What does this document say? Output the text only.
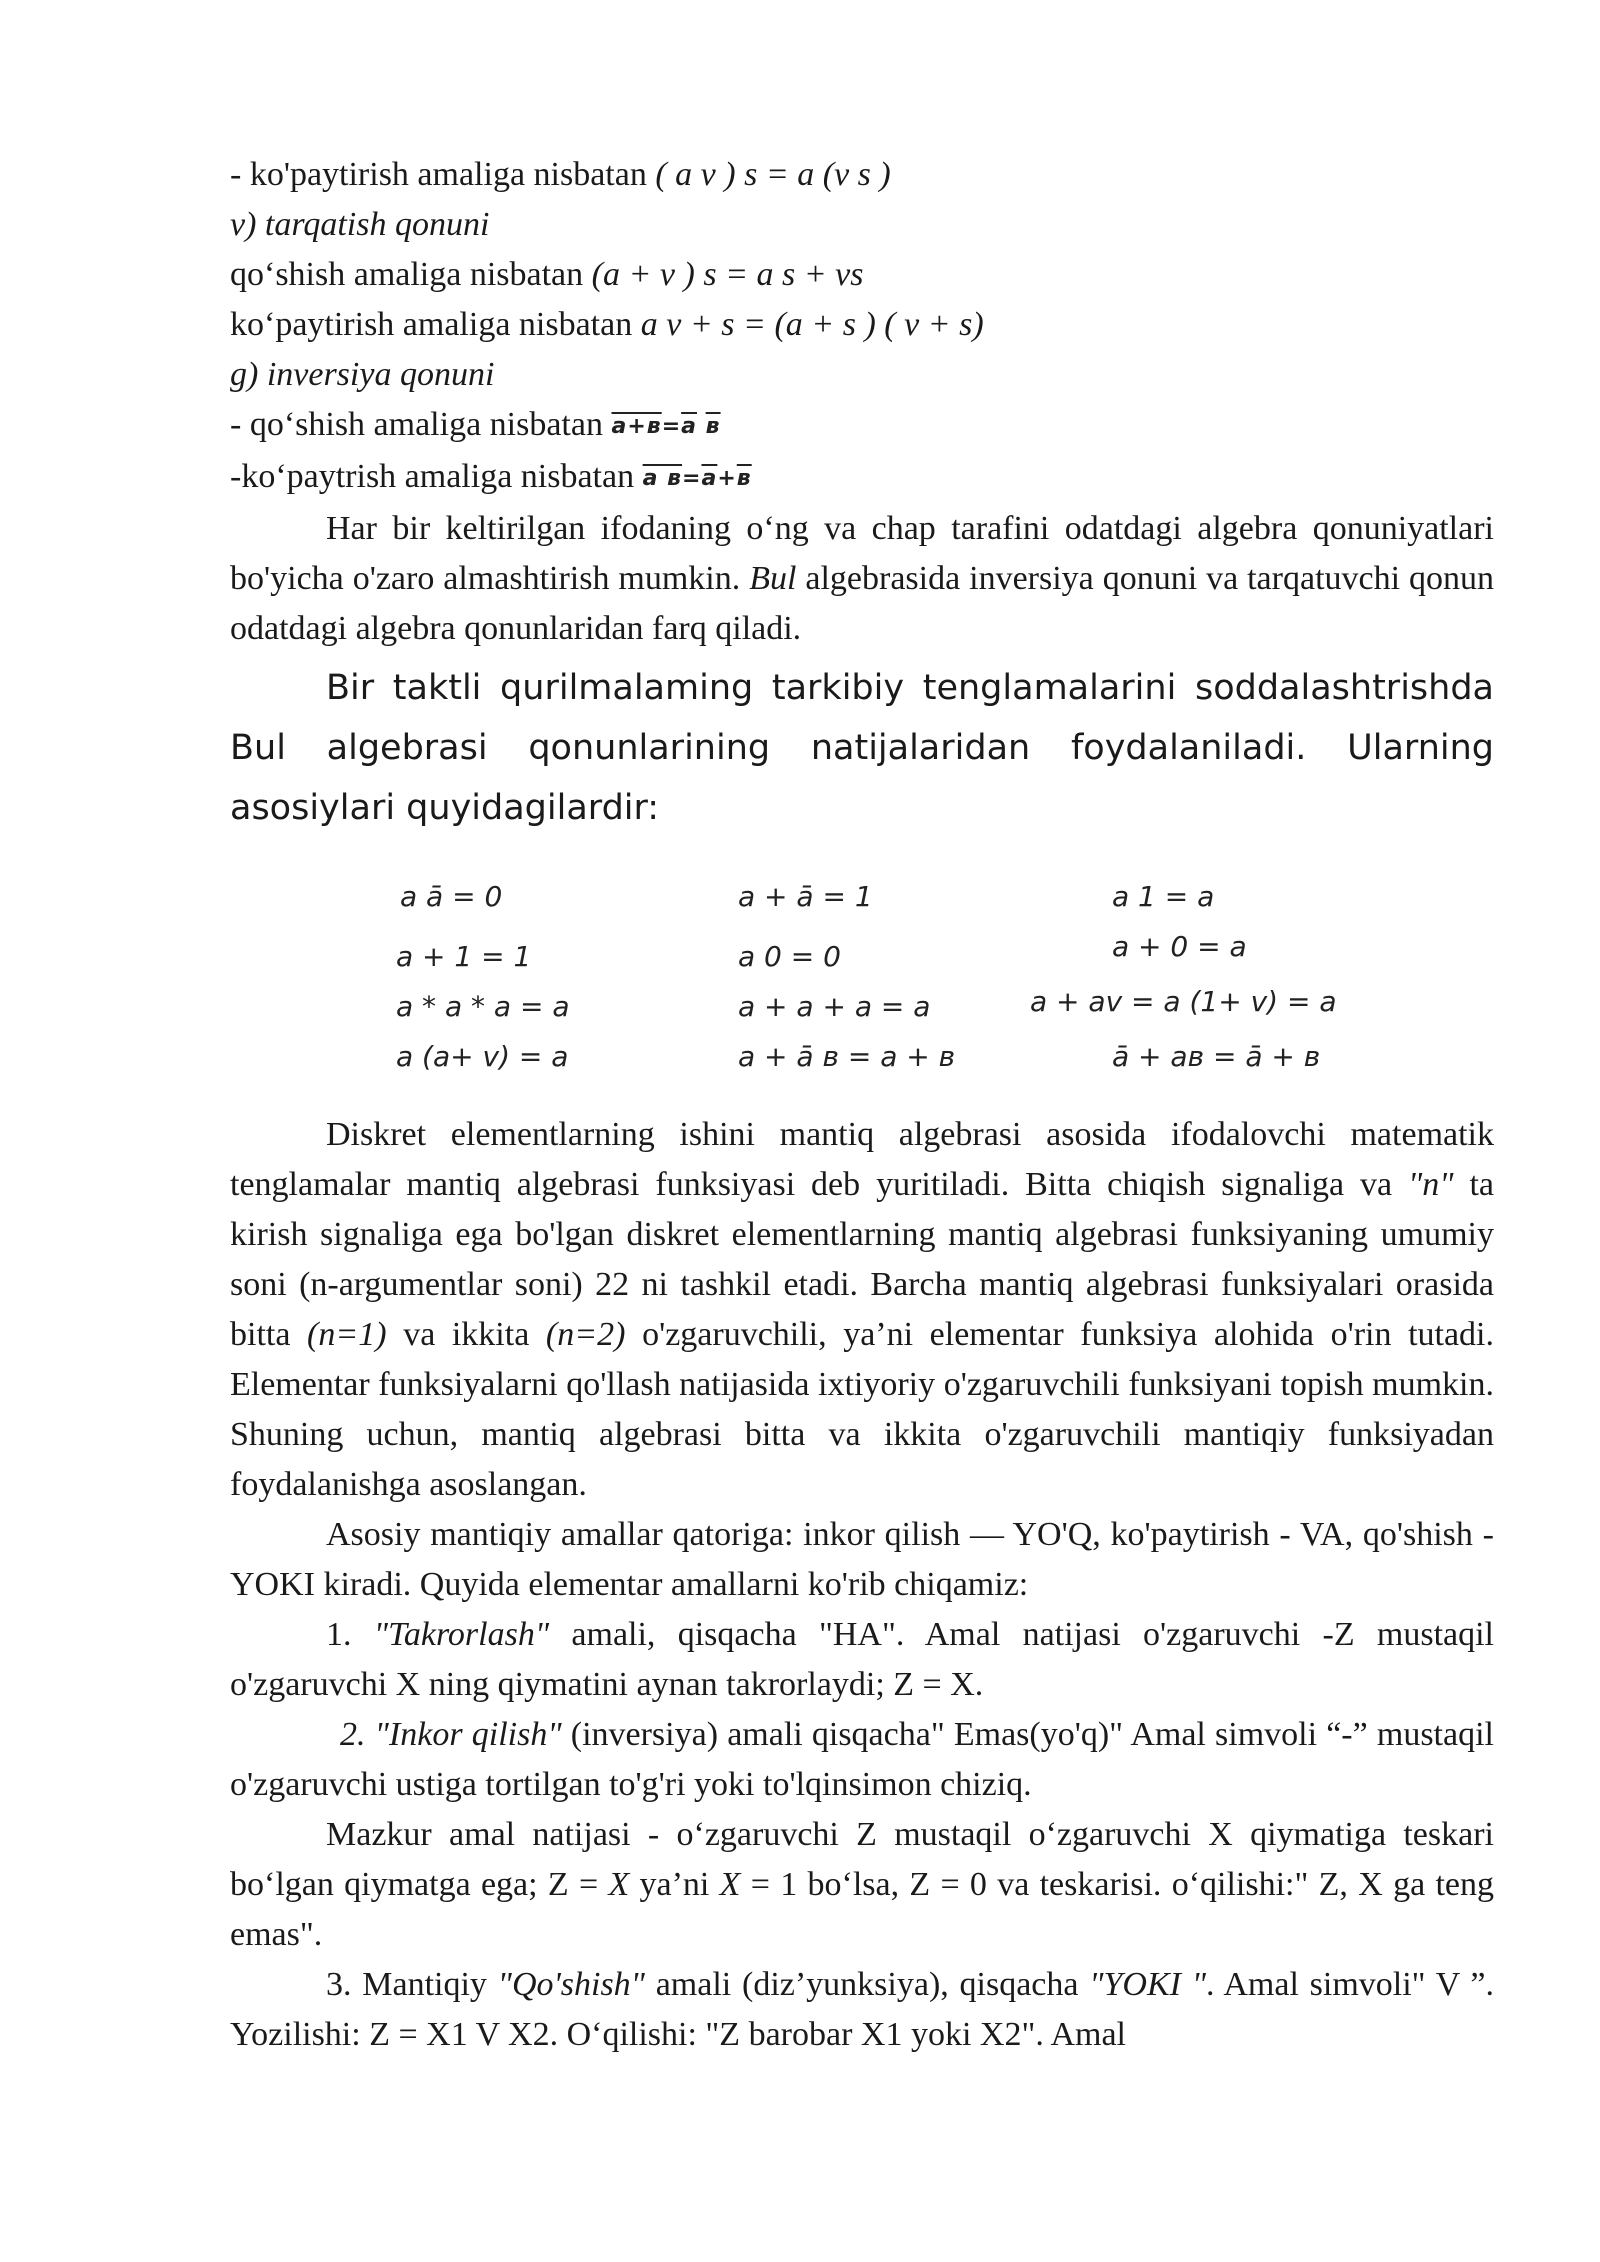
- ko'paytirish amaliga nisbatan ( a v ) s = a (v s )
v) tarqatish qonuni
qo‘shish amaliga nisbatan (a + v ) s = a s + vs
ko‘paytirish amaliga nisbatan a v + s = (a + s ) ( v + s)
g) inversiya qonuni
- qo‘shish amaliga nisbatan $a+в=\overline{a}$ в
-ko‘paytrish amaliga nisbatan a $в=\overline{a}+в$

Har bir keltirilgan ifodaning o‘ng va chap tarafini odatdagi algebra qonuniyatlari bo'yicha o'zaro almashtirish mumkin. Bul algebrasida inversiya qonuni va tarqatuvchi qonun odatdagi algebra qonunlaridan farq qiladi.

Bir taktli qurilmalaming tarkibiy tenglamalarini soddalashtrishda Bul algebrasi qonunlarining natijalaridan foydalaniladi. Ularning asosiylari quyidagilardir:

a ā = 0
a + 1 = 1
a * a * a = a
a (a+ v) = a
a + ā = 1
a 0 = 0
a + a + a = a
a + ā в = a + в
a 1 = a
a + 0 = a
a + av = a (1+ v) = a
ā + aв = ā + в

Diskret elementlarning ishini mantiq algebrasi asosida ifodalovchi matematik tenglamalar mantiq algebrasi funksiyasi deb yuritiladi. Bitta chiqish signaliga va "n" ta kirish signaliga ega bo'lgan diskret elementlarning mantiq algebrasi funksiyaning umumiy soni (n-argumentlar soni) 22 ni tashkil etadi. Barcha mantiq algebrasi funksiyalari orasida bitta (n=1) va ikkita (n=2) o'zgaruvchili, ya’ni elementar funksiya alohida o'rin tutadi. Elementar funksiyalarni qo'llash natijasida ixtiyoriy o'zgaruvchili funksiyani topish mumkin. Shuning uchun, mantiq algebrasi bitta va ikkita o'zgaruvchili mantiqiy funksiyadan foydalanishga asoslangan.

Asosiy mantiqiy amallar qatoriga: inkor qilish — YO'Q, ko'paytirish - VA, qo'shish - YOKI kiradi. Quyida elementar amallarni ko'rib chiqamiz:

1. "Takrorlash" amali, qisqacha "HA". Amal natijasi o'zgaruvchi -Z mustaqil o'zgaruvchi X ning qiymatini aynan takrorlaydi; Z = X.

2. "Inkor qilish" (inversiya) amali qisqacha" Emas(yo'q)" Amal simvoli “-” mustaqil o'zgaruvchi ustiga tortilgan to'g'ri yoki to'lqinsimon chiziq.

Mazkur amal natijasi - o‘zgaruvchi Z mustaqil o‘zgaruvchi X qiymatiga teskari bo‘lgan qiymatga ega; Z = X ya’ni X = 1 bo‘lsa, Z = 0 va teskarisi. o‘qilishi:" Z, X ga teng emas".

3. Mantiqiy "Qo'shish" amali (diz’yunksiya), qisqacha "YOKI ". Amal simvoli" V ”. Yozilishi: Z = X1 V X2. O‘qilishi: "Z barobar X1 yoki X2". Amal
